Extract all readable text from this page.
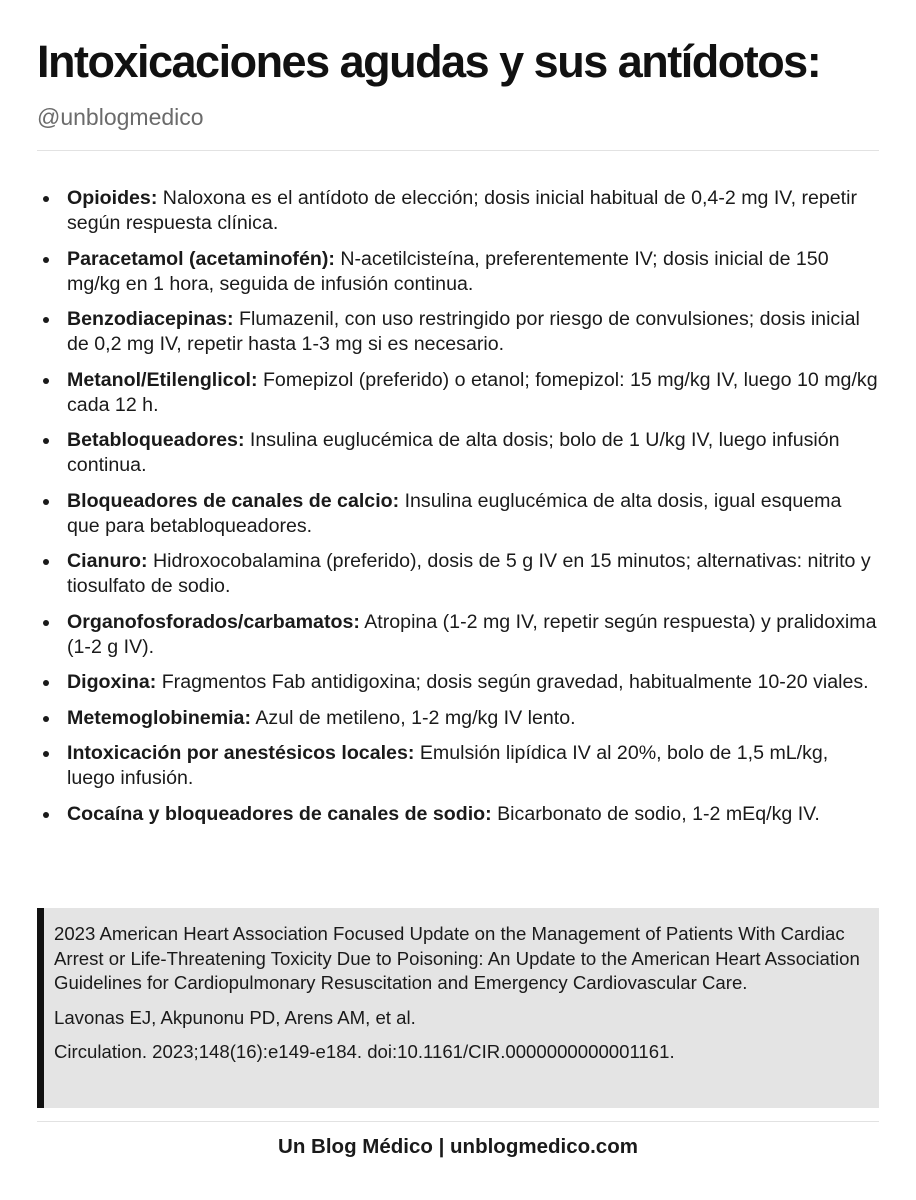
Intoxicaciones agudas y sus antídotos:
@unblogmedico
Opioides: Naloxona es el antídoto de elección; dosis inicial habitual de 0,4-2 mg IV, repetir según respuesta clínica.
Paracetamol (acetaminofén): N-acetilcisteína, preferentemente IV; dosis inicial de 150 mg/kg en 1 hora, seguida de infusión continua.
Benzodiacepinas: Flumazenil, con uso restringido por riesgo de convulsiones; dosis inicial de 0,2 mg IV, repetir hasta 1-3 mg si es necesario.
Metanol/Etilenglicol: Fomepizol (preferido) o etanol; fomepizol: 15 mg/kg IV, luego 10 mg/kg cada 12 h.
Betabloqueadores: Insulina euglucémica de alta dosis; bolo de 1 U/kg IV, luego infusión continua.
Bloqueadores de canales de calcio: Insulina euglucémica de alta dosis, igual esquema que para betabloqueadores.
Cianuro: Hidroxocobalamina (preferido), dosis de 5 g IV en 15 minutos; alternativas: nitrito y tiosulfato de sodio.
Organofosforados/carbamatos: Atropina (1-2 mg IV, repetir según respuesta) y pralidoxima (1-2 g IV).
Digoxina: Fragmentos Fab antidigoxina; dosis según gravedad, habitualmente 10-20 viales.
Metemoglobinemia: Azul de metileno, 1-2 mg/kg IV lento.
Intoxicación por anestésicos locales: Emulsión lipídica IV al 20%, bolo de 1,5 mL/kg, luego infusión.
Cocaína y bloqueadores de canales de sodio: Bicarbonato de sodio, 1-2 mEq/kg IV.

2023 American Heart Association Focused Update on the Management of Patients With Cardiac Arrest or Life-Threatening Toxicity Due to Poisoning: An Update to the American Heart Association Guidelines for Cardiopulmonary Resuscitation and Emergency Cardiovascular Care.

Lavonas EJ, Akpunonu PD, Arens AM, et al.

Circulation. 2023;148(16):e149-e184. doi:10.1161/CIR.0000000000001161.

Un Blog Médico | unblogmedico.com
